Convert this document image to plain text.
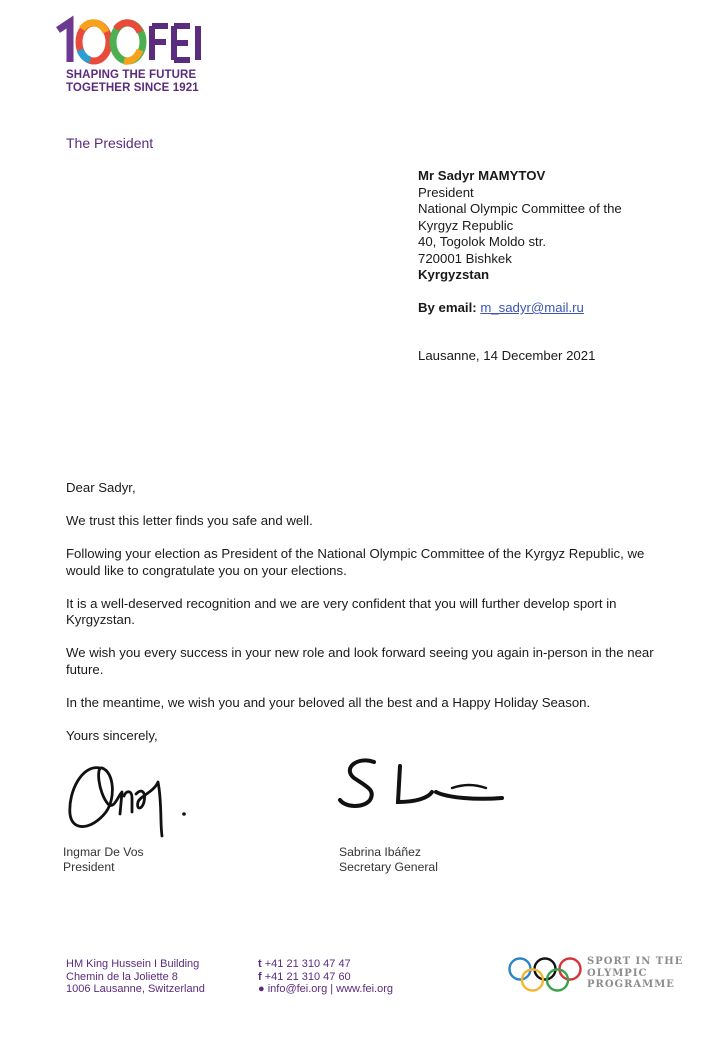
SHAPING THE FUTURE
TOGETHER SINCE 1921
The President
Mr Sadyr MAMYTOV
President
National Olympic Committee of the
Kyrgyz Republic
40, Togolok Moldo str.
720001 Bishkek
Kyrgyzstan
By email: m_sadyr@mail.ru
Lausanne, 14 December 2021

Dear Sadyr,

We trust this letter finds you safe and well.

Following your election as President of the National Olympic Committee of the Kyrgyz Republic, we would like to congratulate you on your elections.

It is a well-deserved recognition and we are very confident that you will further develop sport in Kyrgyzstan.

We wish you every success in your new role and look forward seeing you again in-person in the near future.

In the meantime, we wish you and your beloved all the best and a Happy Holiday Season.

Yours sincerely,

Ingmar De Vos
President
Sabrina Ibáñez
Secretary General
HM King Hussein I Building
Chemin de la Joliette 8
1006 Lausanne, Switzerland
t +41 21 310 47 47
f +41 21 310 47 60
● info@fei.org | www.fei.org
SPORT IN THE
OLYMPIC
PROGRAMME
